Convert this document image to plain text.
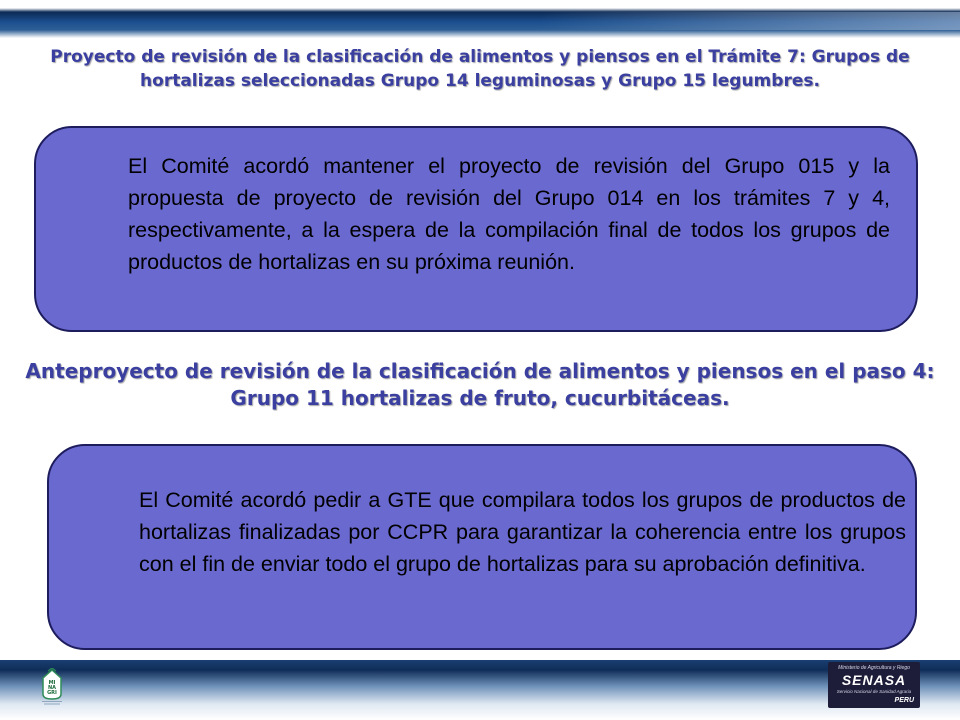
Proyecto de revisión de la clasificación de alimentos y piensos en el Trámite 7: Grupos de hortalizas seleccionadas Grupo 14 leguminosas y Grupo 15 legumbres.
El Comité acordó mantener el proyecto de revisión del Grupo 015 y la propuesta de proyecto de revisión del Grupo 014 en los trámites 7 y 4, respectivamente, a la espera de la compilación final de todos los grupos de productos de hortalizas en su próxima reunión.
Anteproyecto de revisión de la clasificación de alimentos y piensos en el paso 4: Grupo 11 hortalizas de fruto, cucurbitáceas.
El Comité acordó pedir a GTE que compilara todos los grupos de productos de hortalizas finalizadas por CCPR para garantizar la coherencia entre los grupos con el fin de enviar todo el grupo de hortalizas para su aprobación definitiva.
MI
NA
GRI
Ministerio de Agricultura y Riego
SENASA
Servicio Nacional de Sanidad Agraria
PERU
